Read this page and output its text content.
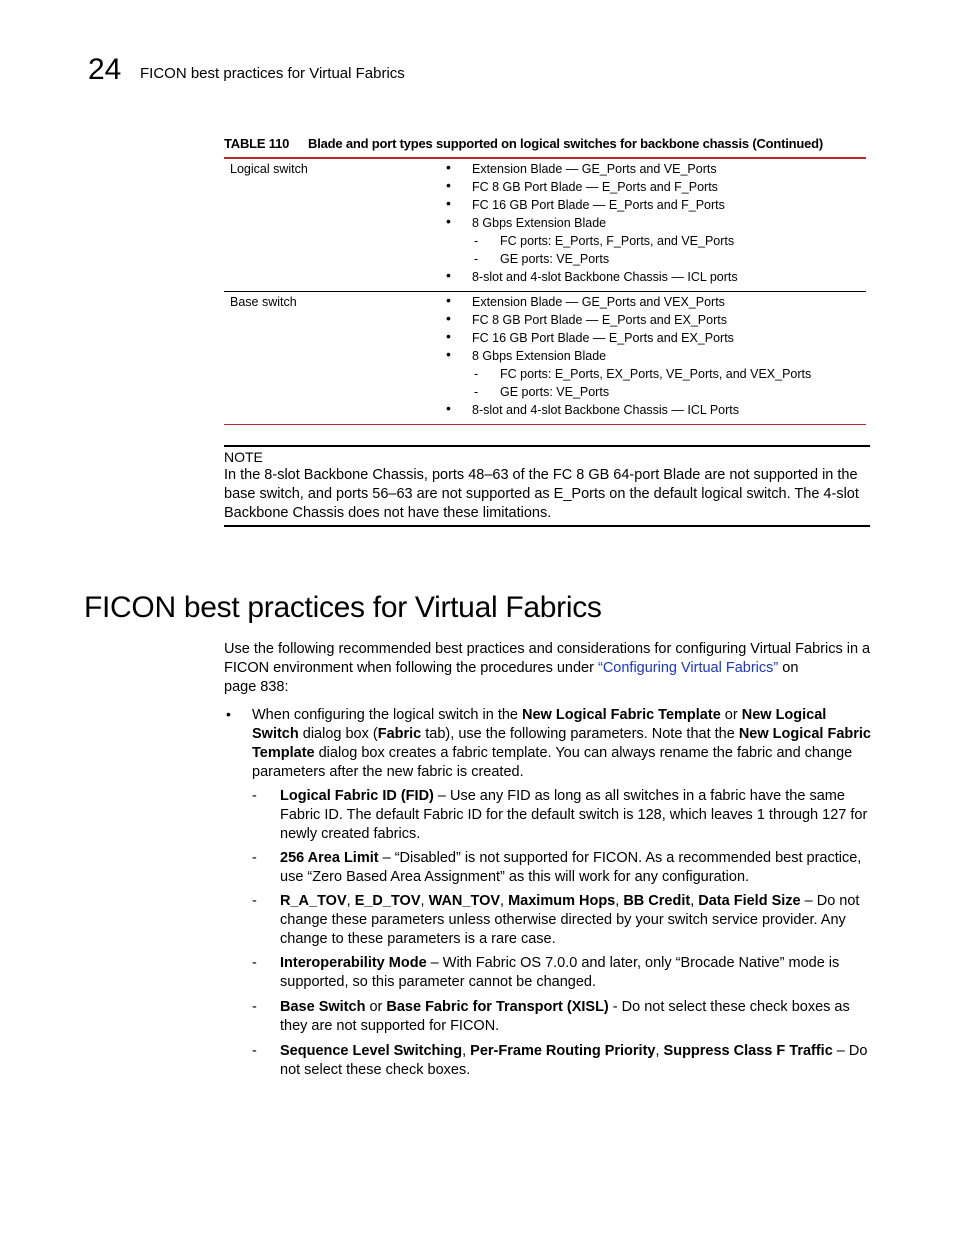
24 FICON best practices for Virtual Fabrics
TABLE 110 Blade and port types supported on logical switches for backbone chassis (Continued)
Logical switch	• Extension Blade — GE_Ports and VE_Ports
• FC 8 GB Port Blade — E_Ports and F_Ports
• FC 16 GB Port Blade — E_Ports and F_Ports
• 8 Gbps Extension Blade
- FC ports: E_Ports, F_Ports, and VE_Ports
- GE ports: VE_Ports
• 8-slot and 4-slot Backbone Chassis — ICL ports
Base switch	• Extension Blade — GE_Ports and VEX_Ports
• FC 8 GB Port Blade — E_Ports and EX_Ports
• FC 16 GB Port Blade — E_Ports and EX_Ports
• 8 Gbps Extension Blade
- FC ports: E_Ports, EX_Ports, VE_Ports, and VEX_Ports
- GE ports: VE_Ports
• 8-slot and 4-slot Backbone Chassis — ICL Ports
NOTE
In the 8-slot Backbone Chassis, ports 48–63 of the FC 8 GB 64-port Blade are not supported in the base switch, and ports 56–63 are not supported as E_Ports on the default logical switch. The 4-slot Backbone Chassis does not have these limitations.
FICON best practices for Virtual Fabrics
Use the following recommended best practices and considerations for configuring Virtual Fabrics in a FICON environment when following the procedures under “Configuring Virtual Fabrics” on
page 838:
• When configuring the logical switch in the New Logical Fabric Template or New Logical Switch dialog box (Fabric tab), use the following parameters. Note that the New Logical Fabric Template dialog box creates a fabric template. You can always rename the fabric and change parameters after the new fabric is created.
- Logical Fabric ID (FID) – Use any FID as long as all switches in a fabric have the same Fabric ID. The default Fabric ID for the default switch is 128, which leaves 1 through 127 for newly created fabrics.
- 256 Area Limit – “Disabled” is not supported for FICON. As a recommended best practice, use “Zero Based Area Assignment” as this will work for any configuration.
- R_A_TOV, E_D_TOV, WAN_TOV, Maximum Hops, BB Credit, Data Field Size – Do not change these parameters unless otherwise directed by your switch service provider. Any change to these parameters is a rare case.
- Interoperability Mode – With Fabric OS 7.0.0 and later, only “Brocade Native” mode is supported, so this parameter cannot be changed.
- Base Switch or Base Fabric for Transport (XISL) - Do not select these check boxes as they are not supported for FICON.
- Sequence Level Switching, Per-Frame Routing Priority, Suppress Class F Traffic – Do not select these check boxes.
